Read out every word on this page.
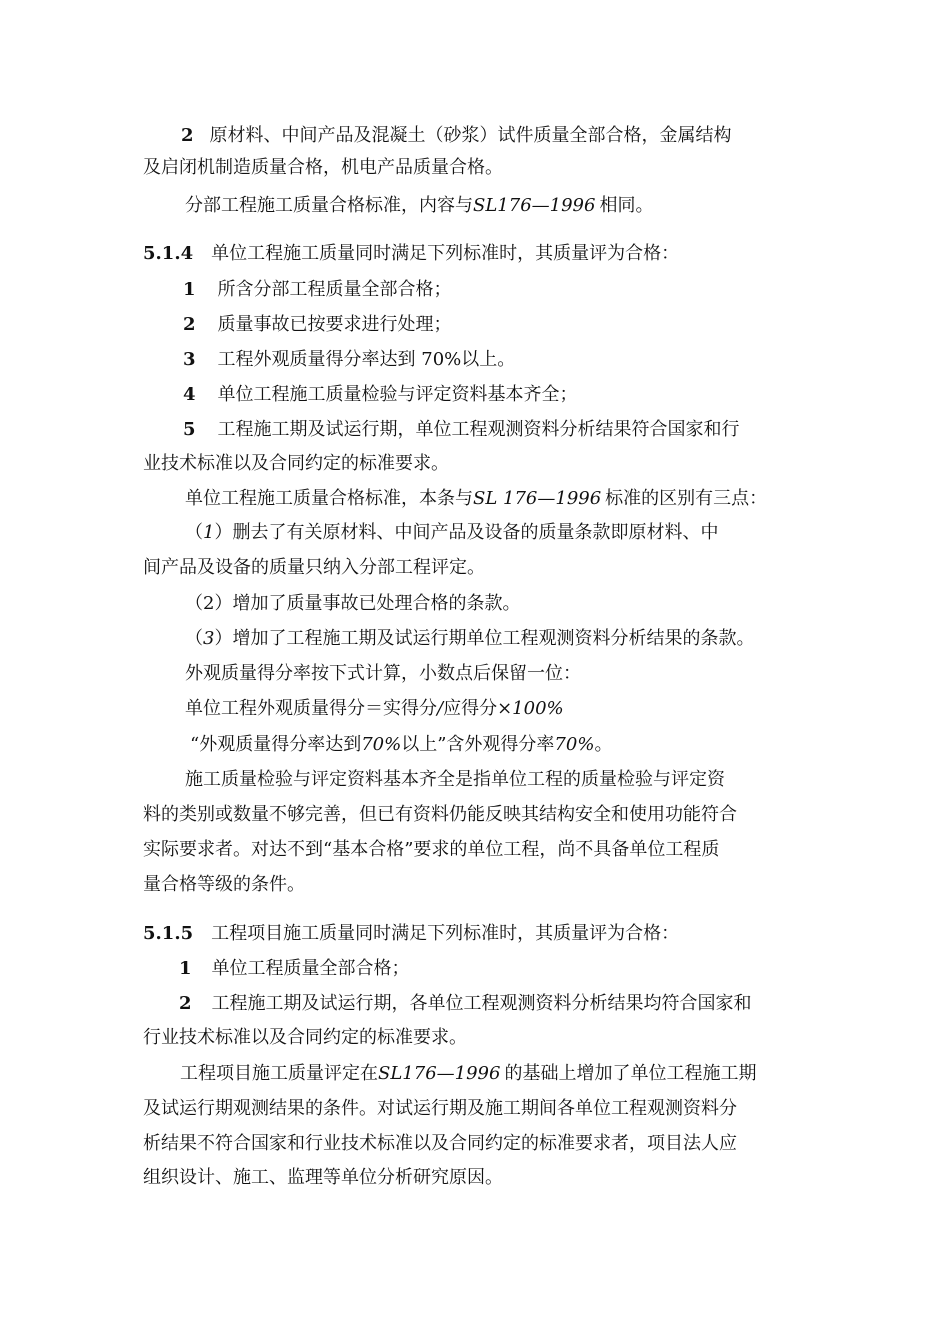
2 原材料、中间产品及混凝土（砂浆）试件质量全部合格，金属结构
及启闭机制造质量合格，机电产品质量合格。
分部工程施工质量合格标准，内容与SL176—1996 相同。
5.1.4 单位工程施工质量同时满足下列标准时，其质量评为合格：
1 所含分部工程质量全部合格；
2 质量事故已按要求进行处理；
3 工程外观质量得分率达到 70%以上。
4 单位工程施工质量检验与评定资料基本齐全；
5 工程施工期及试运行期，单位工程观测资料分析结果符合国家和行
业技术标准以及合同约定的标准要求。
单位工程施工质量合格标准，本条与SL 176—1996 标准的区别有三点：
（1）删去了有关原材料、中间产品及设备的质量条款即原材料、中
间产品及设备的质量只纳入分部工程评定。
（2）增加了质量事故已处理合格的条款。
（3）增加了工程施工期及试运行期单位工程观测资料分析结果的条款。
外观质量得分率按下式计算，小数点后保留一位：
单位工程外观质量得分＝实得分/应得分×100%
“外观质量得分率达到70%以上”含外观得分率70%。
施工质量检验与评定资料基本齐全是指单位工程的质量检验与评定资
料的类别或数量不够完善，但已有资料仍能反映其结构安全和使用功能符合
实际要求者。对达不到“基本合格”要求的单位工程，尚不具备单位工程质
量合格等级的条件。
5.1.5 工程项目施工质量同时满足下列标准时，其质量评为合格：
1 单位工程质量全部合格；
2 工程施工期及试运行期，各单位工程观测资料分析结果均符合国家和
行业技术标准以及合同约定的标准要求。
工程项目施工质量评定在SL176—1996 的基础上增加了单位工程施工期
及试运行期观测结果的条件。对试运行期及施工期间各单位工程观测资料分
析结果不符合国家和行业技术标准以及合同约定的标准要求者，项目法人应
组织设计、施工、监理等单位分析研究原因。
